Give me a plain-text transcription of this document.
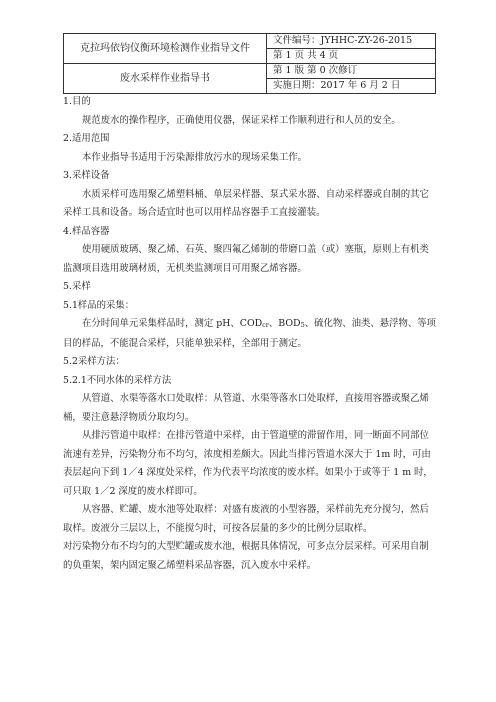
克拉玛依钧仪衡环境检测作业指导文件	文件编号：JYHHC-ZY-26-2015
	第 1 页 共 4 页
废水采样作业指导书	第 1 版 第 0 次修订
	实施日期：2017 年 6 月 2 日

1.目的

规范废水的操作程序，正确使用仪器，保证采样工作顺利进行和人员的安全。

2.适用范围

本作业指导书适用于污染源排放污水的现场采集工作。

3.采样设备

水质采样可选用聚乙烯塑料桶、单层采样器、泵式采水器、自动采样器或自制的其它采样工具和设备。场合适宜时也可以用样品容器手工直接灌装。

4.样品容器

使用硬质玻璃、聚乙烯、石英、聚四氟乙烯制的带磨口盖（或）塞瓶，原则上有机类监测项目选用玻璃材质，无机类监测项目可用聚乙烯容器。

5.采样

5.1样品的采集：

在分时间单元采集样品时，测定 pH、CODcr、BOD5、硫化物、油类、悬浮物、等项目的样品，不能混合采样，只能单独采样，全部用于测定。

5.2采样方法：

5.2.1不同水体的采样方法

从管道、水渠等落水口处取样：从管道、水渠等落水口处取样，直接用容器或聚乙烯桶，要注意悬浮物质分取均匀。

从排污管道中取样：在排污管道中采样，由于管道壁的滞留作用，同一断面不同部位流速有差异，污染物分布不均匀，浓度相差颇大。因此当排污管道水深大于 1m 时，可由表层起向下到 1／4 深度处采样，作为代表平均浓度的废水样。如果小于或等于 1 m 时，可只取 1／2 深度的废水样即可。

从容器、贮罐、废水池等处取样：对盛有废液的小型容器，采样前先充分搅匀，然后取样。废液分三层以上，不能搅匀时，可按各层量的多少的比例分层取样。

对污染物分布不均匀的大型贮罐或废水池，根据具体情况，可多点分层采样。可采用自制的负重架，架内固定聚乙烯塑料采品容器，沉入废水中采样。
